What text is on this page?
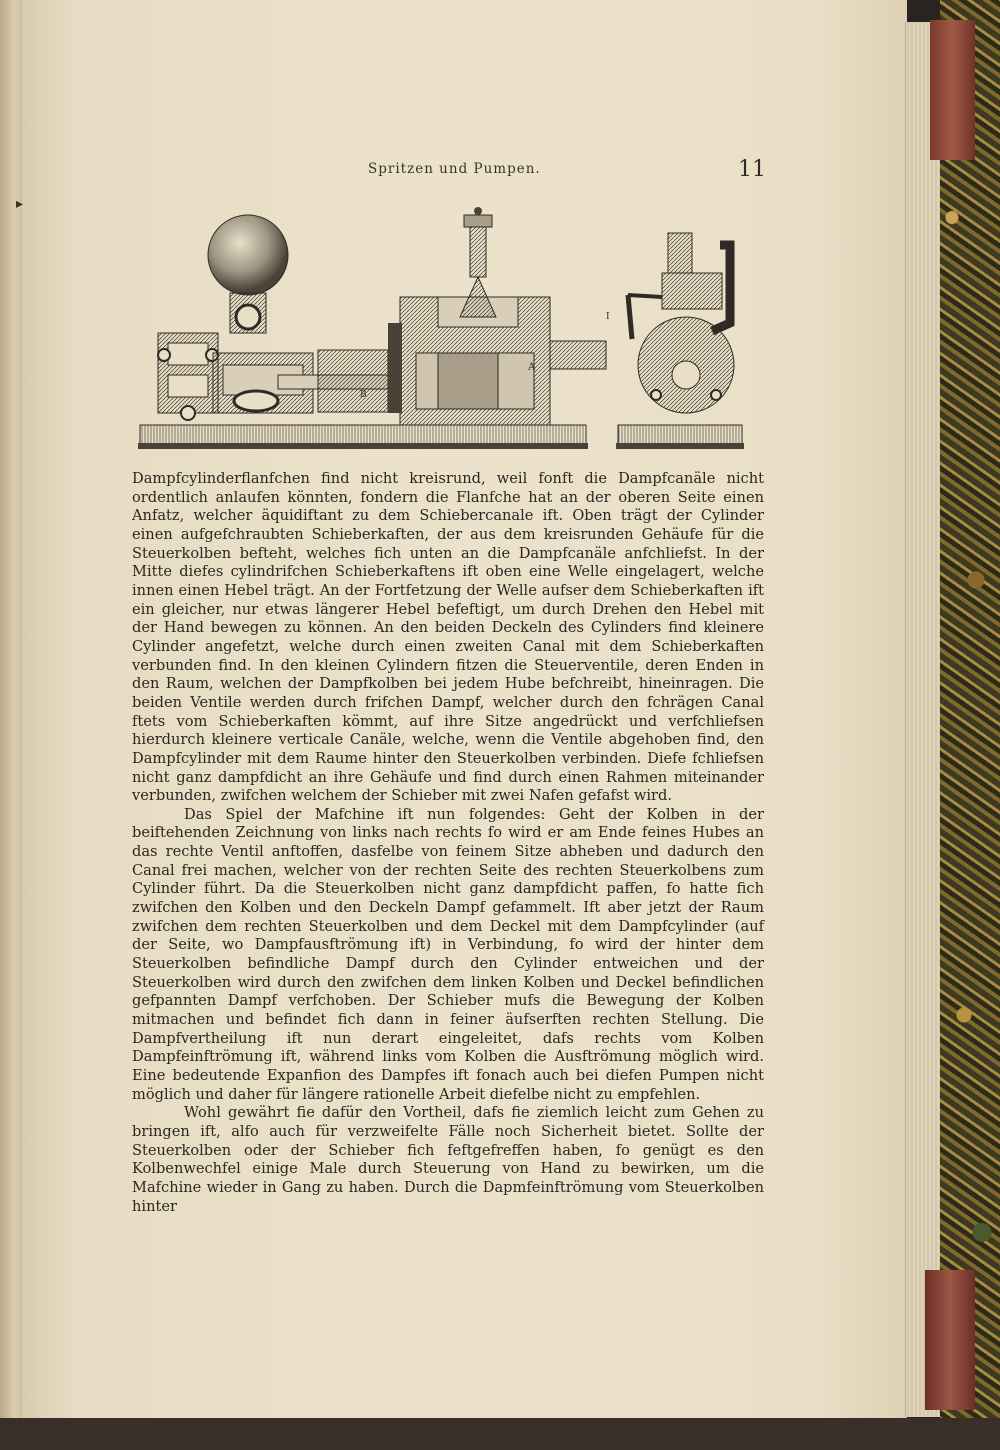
▸
Spritzen und Pumpen.	11
B
A
I

Dampfcylinderflanfchen find nicht kreisrund, weil fonft die Dampfcanäle nicht ordentlich anlaufen könnten, fondern die Flanfche hat an der oberen Seite einen Anfatz, welcher äquidiftant zu dem Schiebercanale ift. Oben trägt der Cylinder einen aufgefchraubten Schieberkaften, der aus dem kreisrunden Gehäufe für die Steuerkolben befteht, welches fich unten an die Dampfcanäle anfchliefst. In der Mitte diefes cylindrifchen Schieberkaftens ift oben eine Welle eingelagert, welche innen einen Hebel trägt. An der Fortfetzung der Welle aufser dem Schieberkaften ift ein gleicher, nur etwas längerer Hebel befeftigt, um durch Drehen den Hebel mit der Hand bewegen zu können. An den beiden Deckeln des Cylinders find kleinere Cylinder angefetzt, welche durch einen zweiten Canal mit dem Schieberkaften verbunden find. In den kleinen Cylindern fitzen die Steuerventile, deren Enden in den Raum, welchen der Dampfkolben bei jedem Hube befchreibt, hineinragen. Die beiden Ventile werden durch frifchen Dampf, welcher durch den fchrägen Canal ftets vom Schieberkaften kömmt, auf ihre Sitze angedrückt und verfchliefsen hierdurch kleinere verticale Canäle, welche, wenn die Ventile abgehoben find, den Dampfcylinder mit dem Raume hinter den Steuerkolben verbinden. Diefe fchliefsen nicht ganz dampfdicht an ihre Gehäufe und find durch einen Rahmen miteinander verbunden, zwifchen welchem der Schieber mit zwei Nafen gefafst wird.

Das Spiel der Mafchine ift nun folgendes: Geht der Kolben in der beiftehenden Zeichnung von links nach rechts fo wird er am Ende feines Hubes an das rechte Ventil anftoffen, dasfelbe von feinem Sitze abheben und dadurch den Canal frei machen, welcher von der rechten Seite des rechten Steuerkolbens zum Cylinder führt. Da die Steuerkolben nicht ganz dampfdicht paffen, fo hatte fich zwifchen den Kolben und den Deckeln Dampf gefammelt. Ift aber jetzt der Raum zwifchen dem rechten Steuerkolben und dem Deckel mit dem Dampfcylinder (auf der Seite, wo Dampfausftrömung ift) in Verbindung, fo wird der hinter dem Steuerkolben befindliche Dampf durch den Cylinder entweichen und der Steuerkolben wird durch den zwifchen dem linken Kolben und Deckel befindlichen gefpannten Dampf verfchoben. Der Schieber mufs die Bewegung der Kolben mitmachen und befindet fich dann in feiner äufserften rechten Stellung. Die Dampfvertheilung ift nun derart eingeleitet, dafs rechts vom Kolben Dampfeinftrömung ift, während links vom Kolben die Ausftrömung möglich wird. Eine bedeutende Expanfion des Dampfes ift fonach auch bei diefen Pumpen nicht möglich und daher für längere rationelle Arbeit diefelbe nicht zu empfehlen.

Wohl gewährt fie dafür den Vortheil, dafs fie ziemlich leicht zum Gehen zu bringen ift, alfo auch für verzweifelte Fälle noch Sicherheit bietet. Sollte der Steuerkolben oder der Schieber fich feftgefreffen haben, fo genügt es den Kolbenwechfel einige Male durch Steuerung von Hand zu bewirken, um die Mafchine wieder in Gang zu haben. Durch die Dapmfeinftrömung vom Steuerkolben hinter
